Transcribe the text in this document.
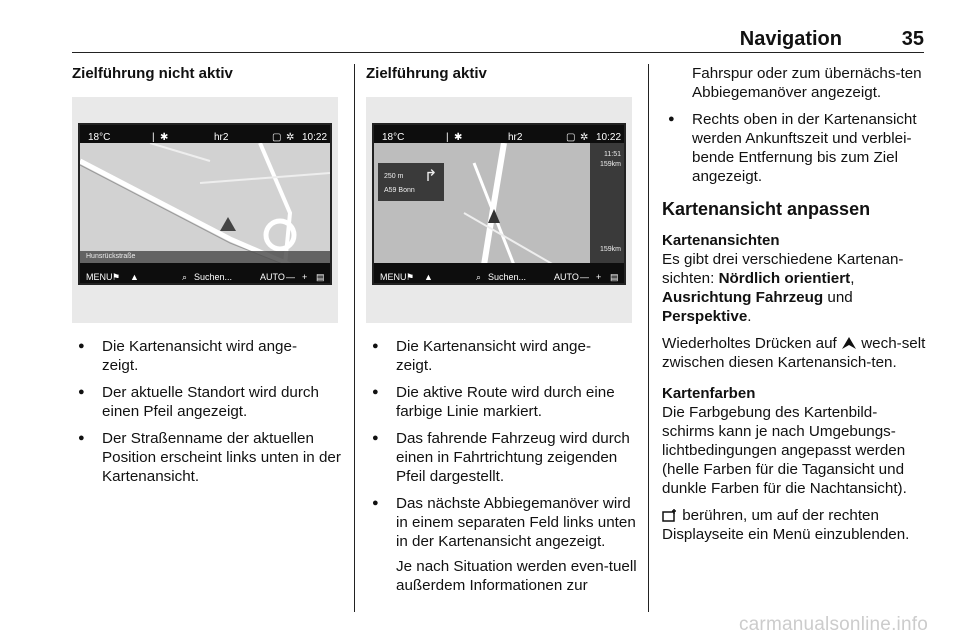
Navigation	35
Zielführung nicht aktiv
18°C	| ✱	hr2	▢ ✲ 10:22
Hunsrückstraße
MENU ⚑ ▲	⌕ Suchen...	AUTO — + ▤
● Die Kartenansicht wird ange-
zeigt.
● Der aktuelle Standort wird durch einen Pfeil angezeigt.
● Der Straßenname der aktuellen Position erscheint links unten in der Kartenansicht.
Zielführung aktiv
18°C	| ✱	hr2	▢ ✲ 10:22
250 m
A59 Bonn
↱
11:51
159km
159km
MENU ⚑ ▲	⌕ Suchen...	AUTO — + ▤
● Die Kartenansicht wird ange-
zeigt.
● Die aktive Route wird durch eine farbige Linie markiert.
● Das fahrende Fahrzeug wird durch einen in Fahrtrichtung zeigenden Pfeil dargestellt.
● Das nächste Abbiegemanöver wird in einem separaten Feld links unten in der Kartenansicht angezeigt.
Je nach Situation werden even-tuell außerdem Informationen zur
Fahrspur oder zum übernächs-ten Abbiegemanöver angezeigt.
● Rechts oben in der Kartenansicht werden Ankunftszeit und verblei-bende Entfernung bis zum Ziel angezeigt.
Kartenansicht anpassen
Kartenansichten

Es gibt drei verschiedene Kartenan-sichten: Nördlich orientiert, Ausrichtung Fahrzeug und
Perspektive.

Wiederholtes Drücken auf  wech-selt zwischen diesen Kartenansich-ten.

Kartenfarben

Die Farbgebung des Kartenbild-schirms kann je nach Umgebungs-lichtbedingungen angepasst werden (helle Farben für die Tagansicht und dunkle Farben für die Nachtansicht).

berühren, um auf der rechten Displayseite ein Menü einzublenden.

carmanualsonline.info
